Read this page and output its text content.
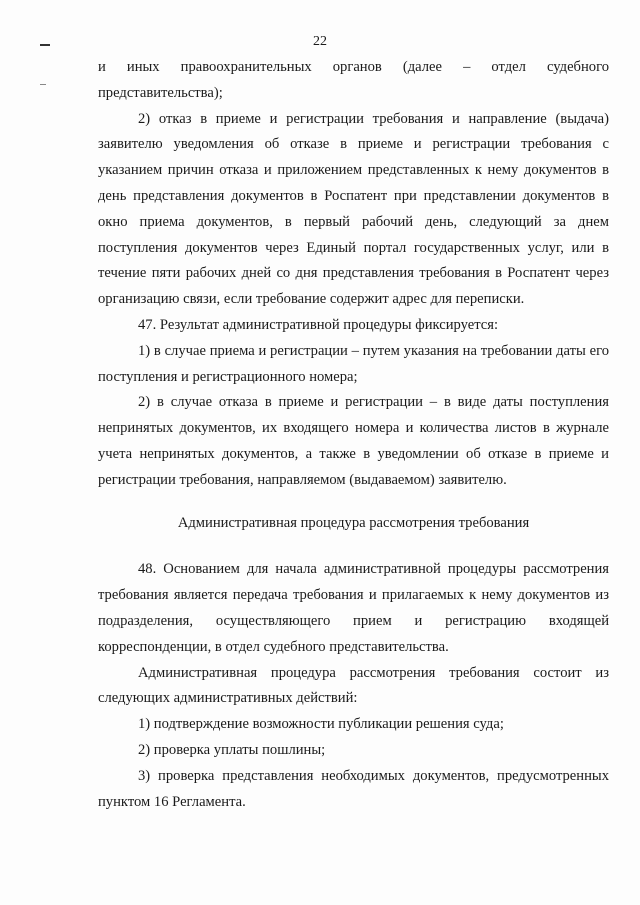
22

и иных правоохранительных органов (далее – отдел судебного

представительства);

2) отказ в приеме и регистрации требования и направление (выдача) заявителю уведомления об отказе в приеме и регистрации требования с указанием причин отказа и приложением представленных к нему документов в день представления документов в Роспатент при представлении документов в окно приема документов, в первый рабочий день, следующий за днем поступления документов через Единый портал государственных услуг, или в течение пяти рабочих дней со дня представления требования в Роспатент через организацию связи, если требование содержит адрес для переписки.

47. Результат административной процедуры фиксируется:

1) в случае приема и регистрации – путем указания на требовании даты его поступления и регистрационного номера;

2) в случае отказа в приеме и регистрации – в виде даты поступления непринятых документов, их входящего номера и количества листов в журнале учета непринятых документов, а также в уведомлении об отказе в приеме и регистрации требования, направляемом (выдаваемом) заявителю.

Административная процедура рассмотрения требования

48. Основанием для начала административной процедуры рассмотрения требования является передача требования и прилагаемых к нему документов из подразделения, осуществляющего прием и регистрацию входящей корреспонденции, в отдел судебного представительства.

Административная процедура рассмотрения требования состоит из следующих административных действий:

1) подтверждение возможности публикации решения суда;

2) проверка уплаты пошлины;

3) проверка представления необходимых документов, предусмотренных пунктом 16 Регламента.
